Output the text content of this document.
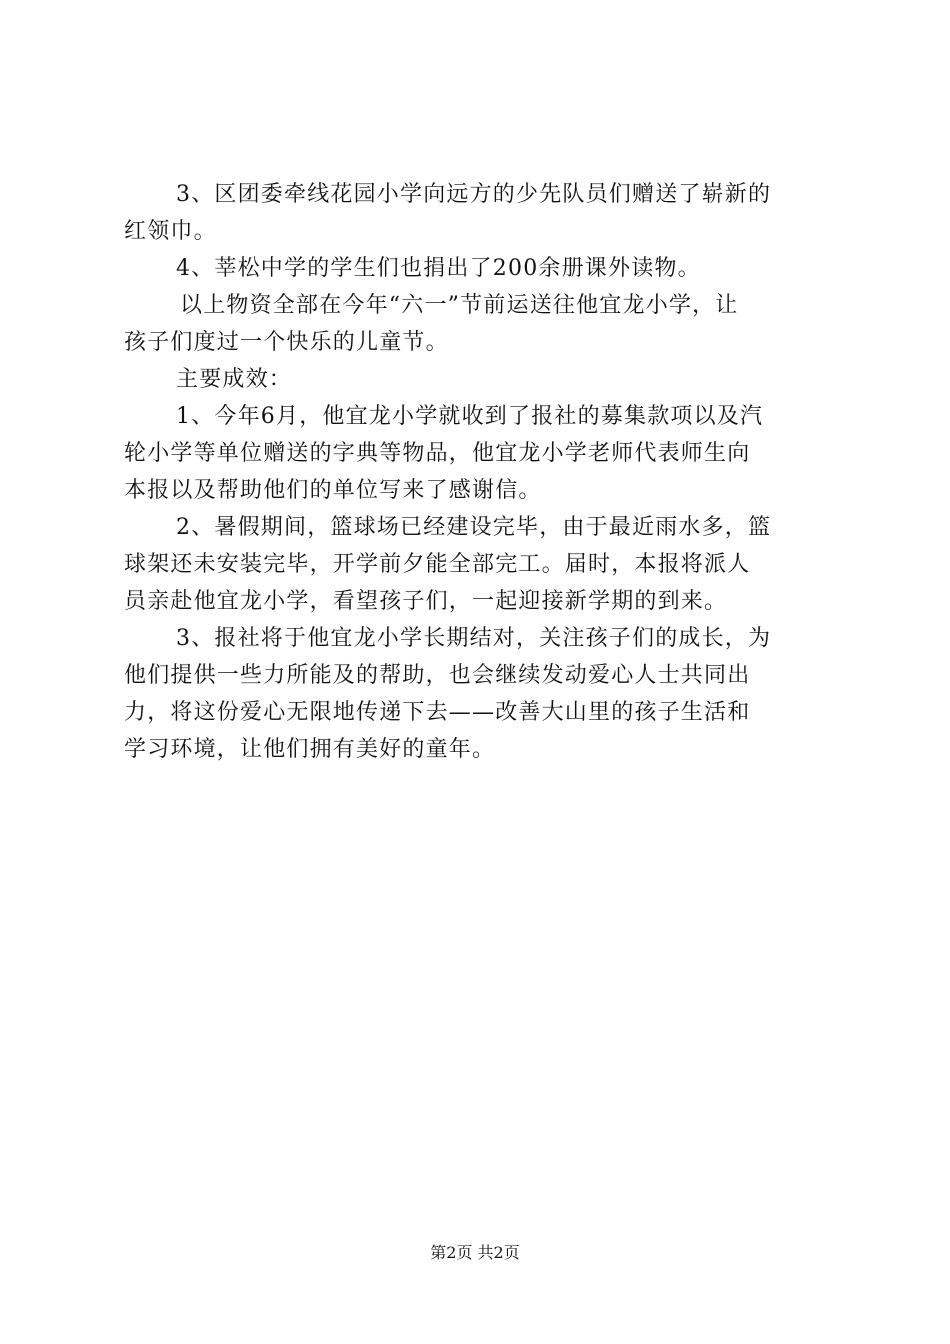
3、区团委牵线花园小学向远方的少先队员们赠送了崭新的
红领巾。
4、莘松中学的学生们也捐出了200余册课外读物。
以上物资全部在今年“六一”节前运送往他宜龙小学，让
孩子们度过一个快乐的儿童节。
主要成效：
1、今年6月，他宜龙小学就收到了报社的募集款项以及汽
轮小学等单位赠送的字典等物品，他宜龙小学老师代表师生向
本报以及帮助他们的单位写来了感谢信。
2、暑假期间，篮球场已经建设完毕，由于最近雨水多，篮
球架还未安装完毕，开学前夕能全部完工。届时，本报将派人
员亲赴他宜龙小学，看望孩子们，一起迎接新学期的到来。
3、报社将于他宜龙小学长期结对，关注孩子们的成长，为
他们提供一些力所能及的帮助，也会继续发动爱心人士共同出
力，将这份爱心无限地传递下去——改善大山里的孩子生活和
学习环境，让他们拥有美好的童年。
第2页 共2页
